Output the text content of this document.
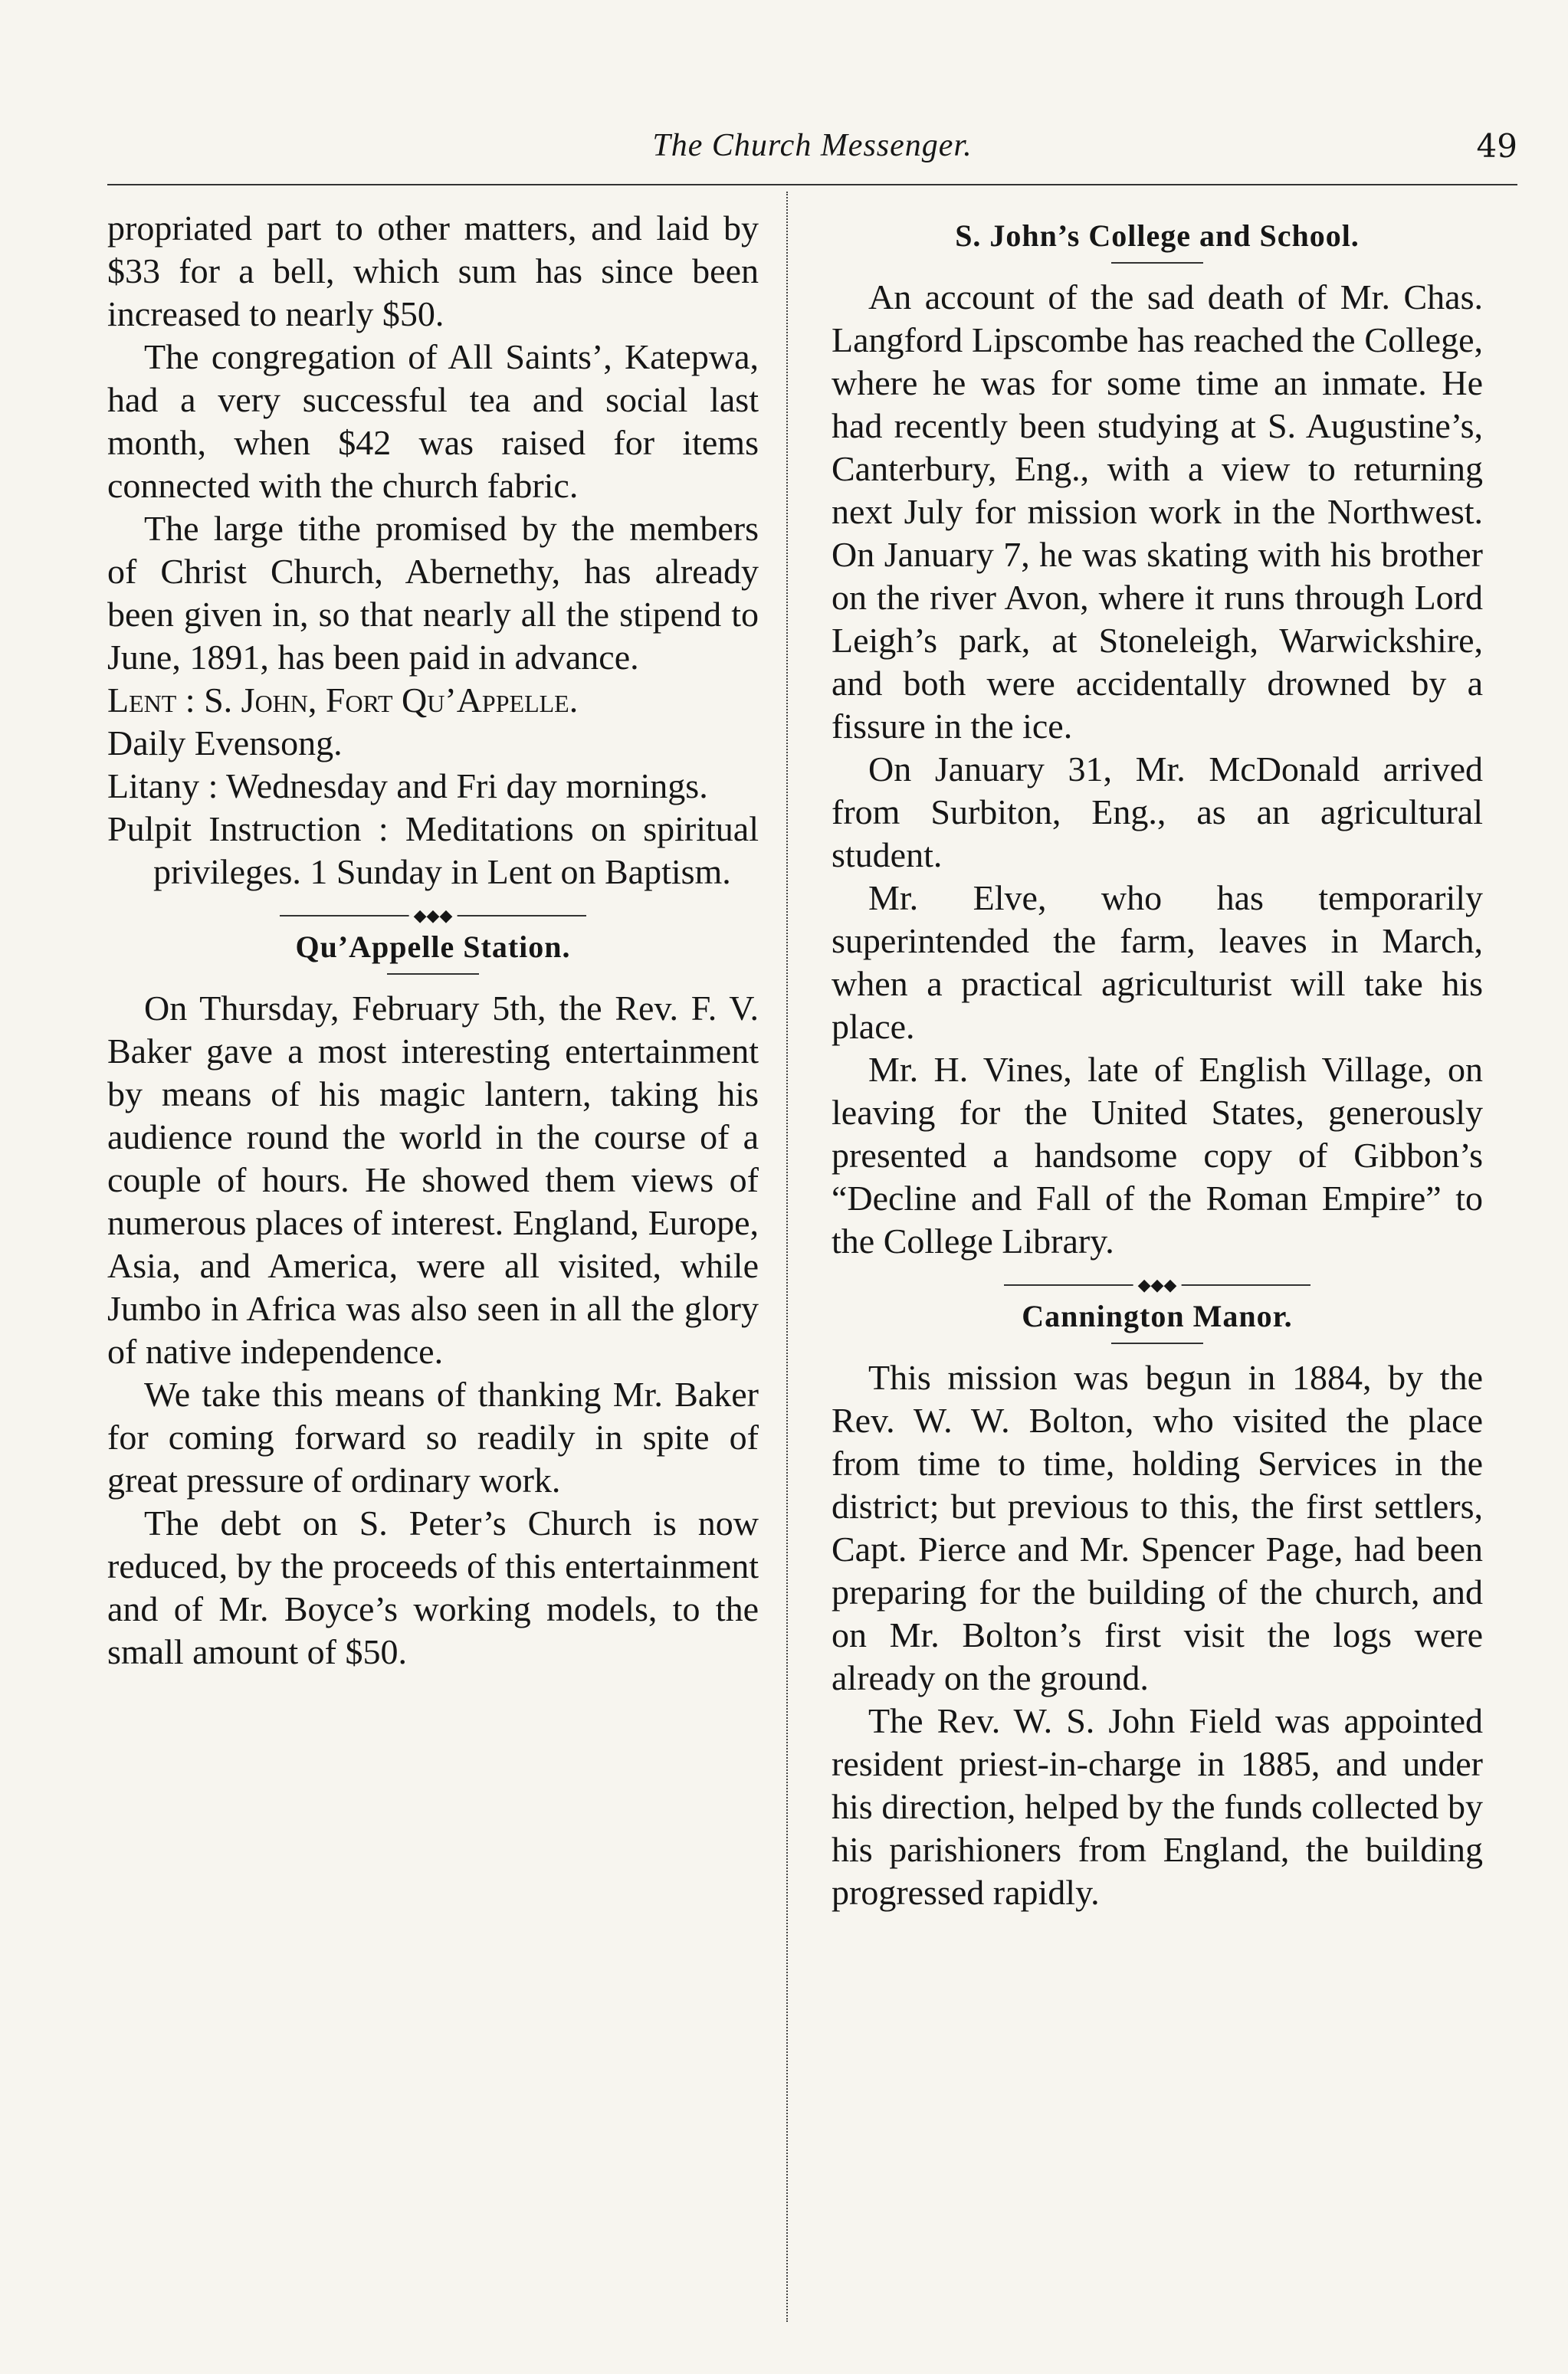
The Church Messenger.	49

propriated part to other matters, and laid by $33 for a bell, which sum has since been increased to nearly $50.

The congregation of All Saints’, Katepwa, had a very successful tea and social last month, when $42 was raised for items connected with the church fabric.

The large tithe promised by the members of Christ Church, Abernethy, has already been given in, so that nearly all the stipend to June, 1891, has been paid in advance.

Lent : S. John, Fort Qu’Appelle.

Daily Evensong.

Litany : Wednesday and Fri day mornings.

Pulpit Instruction : Meditations on spiritual privileges. 1 Sunday in Lent on Baptism.

◆◆◆
Qu’Appelle Station.

On Thursday, February 5th, the Rev. F. V. Baker gave a most interesting entertainment by means of his magic lantern, taking his audience round the world in the course of a couple of hours. He showed them views of numerous places of interest. England, Europe, Asia, and America, were all visited, while Jumbo in Africa was also seen in all the glory of native independence.

We take this means of thanking Mr. Baker for coming forward so readily in spite of great pressure of ordinary work.

The debt on S. Peter’s Church is now reduced, by the proceeds of this entertainment and of Mr. Boyce’s working models, to the small amount of $50.

S. John’s College and School.

An account of the sad death of Mr. Chas. Langford Lipscombe has reached the College, where he was for some time an inmate. He had recently been studying at S. Augustine’s, Canterbury, Eng., with a view to returning next July for mission work in the Northwest. On January 7, he was skating with his brother on the river Avon, where it runs through Lord Leigh’s park, at Stoneleigh, Warwickshire, and both were accidentally drowned by a fissure in the ice.

On January 31, Mr. McDonald arrived from Surbiton, Eng., as an agricultural student.

Mr. Elve, who has temporarily superintended the farm, leaves in March, when a practical agriculturist will take his place.

Mr. H. Vines, late of English Village, on leaving for the United States, generously presented a handsome copy of Gibbon’s “Decline and Fall of the Roman Empire” to the College Library.

◆◆◆
Cannington Manor.

This mission was begun in 1884, by the Rev. W. W. Bolton, who visited the place from time to time, holding Services in the district; but previous to this, the first settlers, Capt. Pierce and Mr. Spencer Page, had been preparing for the building of the church, and on Mr. Bolton’s first visit the logs were already on the ground.

The Rev. W. S. John Field was appointed resident priest-in-charge in 1885, and under his direction, helped by the funds collected by his parishioners from England, the building progressed rapidly.
